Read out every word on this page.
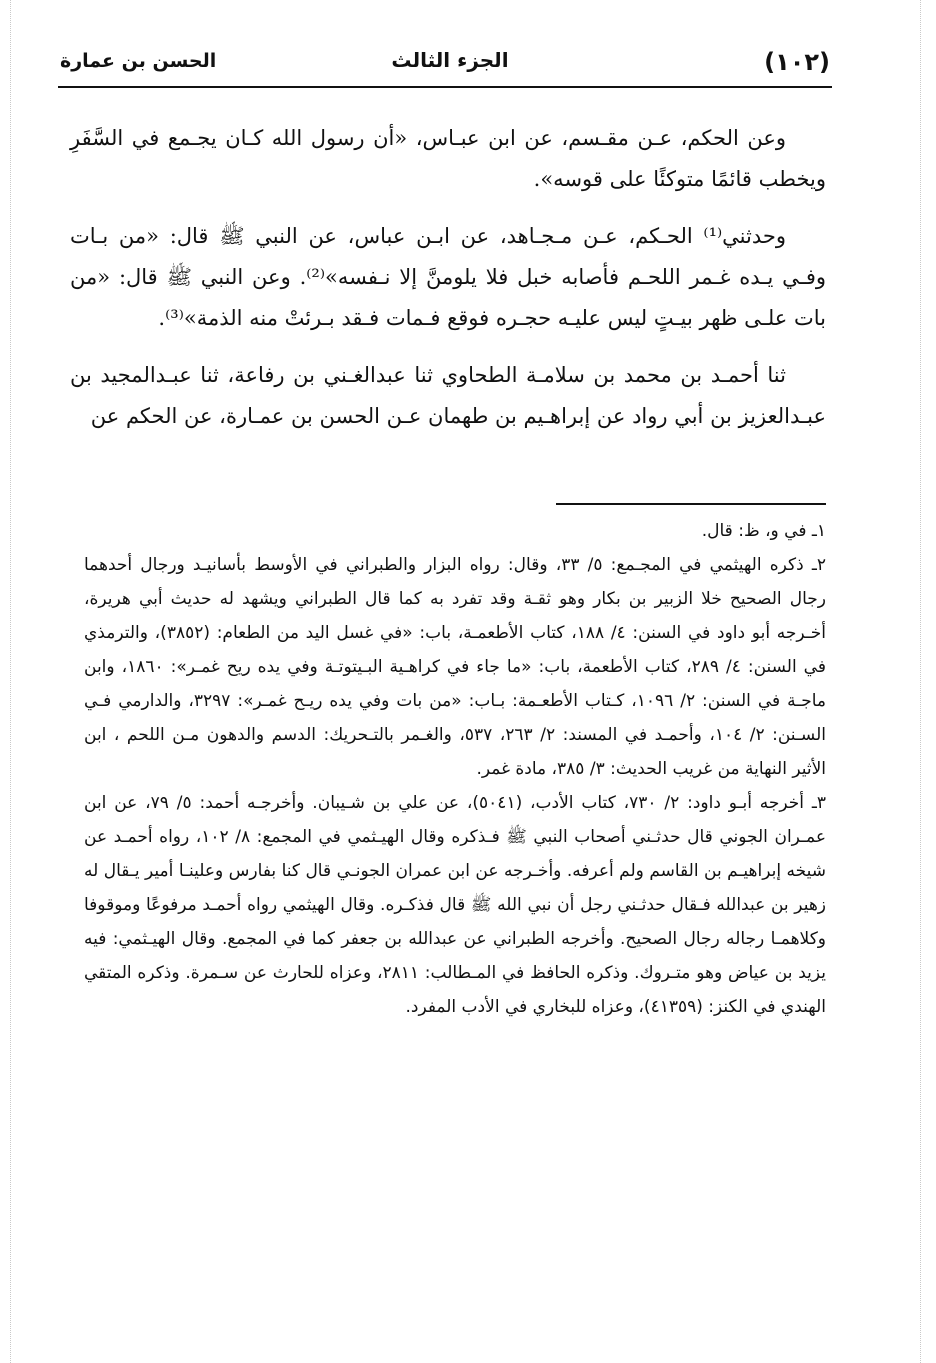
(١٠٢)
الجزء الثالث
الحسن بن عمارة

وعن الحكم، عـن مقـسم، عن ابن عبـاس، «أن رسول الله كـان يجـمع في السَّفَرِ ويخطب قائمًا متوكئًا على قوسه».

وحدثني⁽¹⁾ الحـكم، عـن مـجـاهد، عن ابـن عباس، عن النبي ﷺ قال: «من بـات وفـي يـده غـمر اللحـم فأصابه خبل فلا يلومنَّ إلا نـفسه»⁽²⁾. وعن النبي ﷺ قال: «من بات علـى ظهر بيـتٍ ليس عليـه حجـره فوقع فـمات فـقد بـرئتْ منه الذمة»⁽³⁾.

ثنا أحمـد بن محمد بن سلامـة الطحاوي ثنا عبدالغـني بن رفاعة، ثنا عبـدالمجيد بن عبـدالعزيز بن أبي رواد عن إبراهـيم بن طهمان عـن الحسن بن عمـارة، عن الحكم عن

١ـ في و، ظ: قال.

٢ـ ذكره الهيثمي في المجـمع: ٥/ ٣٣، وقال: رواه البزار والطبراني في الأوسط بأسانيـد ورجال أحدهما رجال الصحيح خلا الزبير بن بكار وهو ثقـة وقد تفرد به كما قال الطبراني ويشهد له حديث أبي هريرة، أخـرجه أبو داود في السنن: ٤/ ١٨٨، كتاب الأطعمـة، باب: «في غسل اليد من الطعام: (٣٨٥٢)، والترمذي في السنن: ٤/ ٢٨٩، كتاب الأطعمة، باب: «ما جاء في كراهـية البـيتوتـة وفي يده ريح غمـر»: ١٨٦٠، وابن ماجـة في السنن: ٢/ ١٠٩٦، كـتاب الأطعـمة: بـاب: «من بات وفي يده ريـح غمـر»: ٣٢٩٧، والدارمي فـي السـنن: ٢/ ١٠٤، وأحمـد في المسند: ٢/ ٢٦٣، ٥٣٧، والغـمر بالتـحريك: الدسم والدهون مـن اللحم ، ابن الأثير النهاية من غريب الحديث: ٣/ ٣٨٥، مادة غمر.

٣ـ أخرجه أبـو داود: ٢/ ٧٣٠، كتاب الأدب، (٥٠٤١)، عن علي بن شـيبان. وأخرجـه أحمد: ٥/ ٧٩، عن ابن عمـران الجوني قال حدثـني أصحاب النبي ﷺ فـذكره وقال الهيـثمي في المجمع: ٨/ ١٠٢، رواه أحمـد عن شيخه إبراهيـم بن القاسم ولم أعرفه. وأخـرجه عن ابن عمران الجونـي قال كنا بفارس وعلينـا أمير يـقال له زهير بن عبدالله فـقال حدثـني رجل أن نبي الله ﷺ قال فذكـره. وقال الهيثمي رواه أحمـد مرفوعًا وموقوفا وكلاهمـا رجاله رجال الصحيح. وأخرجه الطبراني عن عبدالله بن جعفر كما في المجمع. وقال الهيـثمي: فيه يزيد بن عياض وهو متـروك. وذكره الحافظ في المـطالب: ٢٨١١، وعزاه للحارث عن سـمرة. وذكره المتقي الهندي في الكنز: (٤١٣٥٩)، وعزاه للبخاري في الأدب المفرد.
